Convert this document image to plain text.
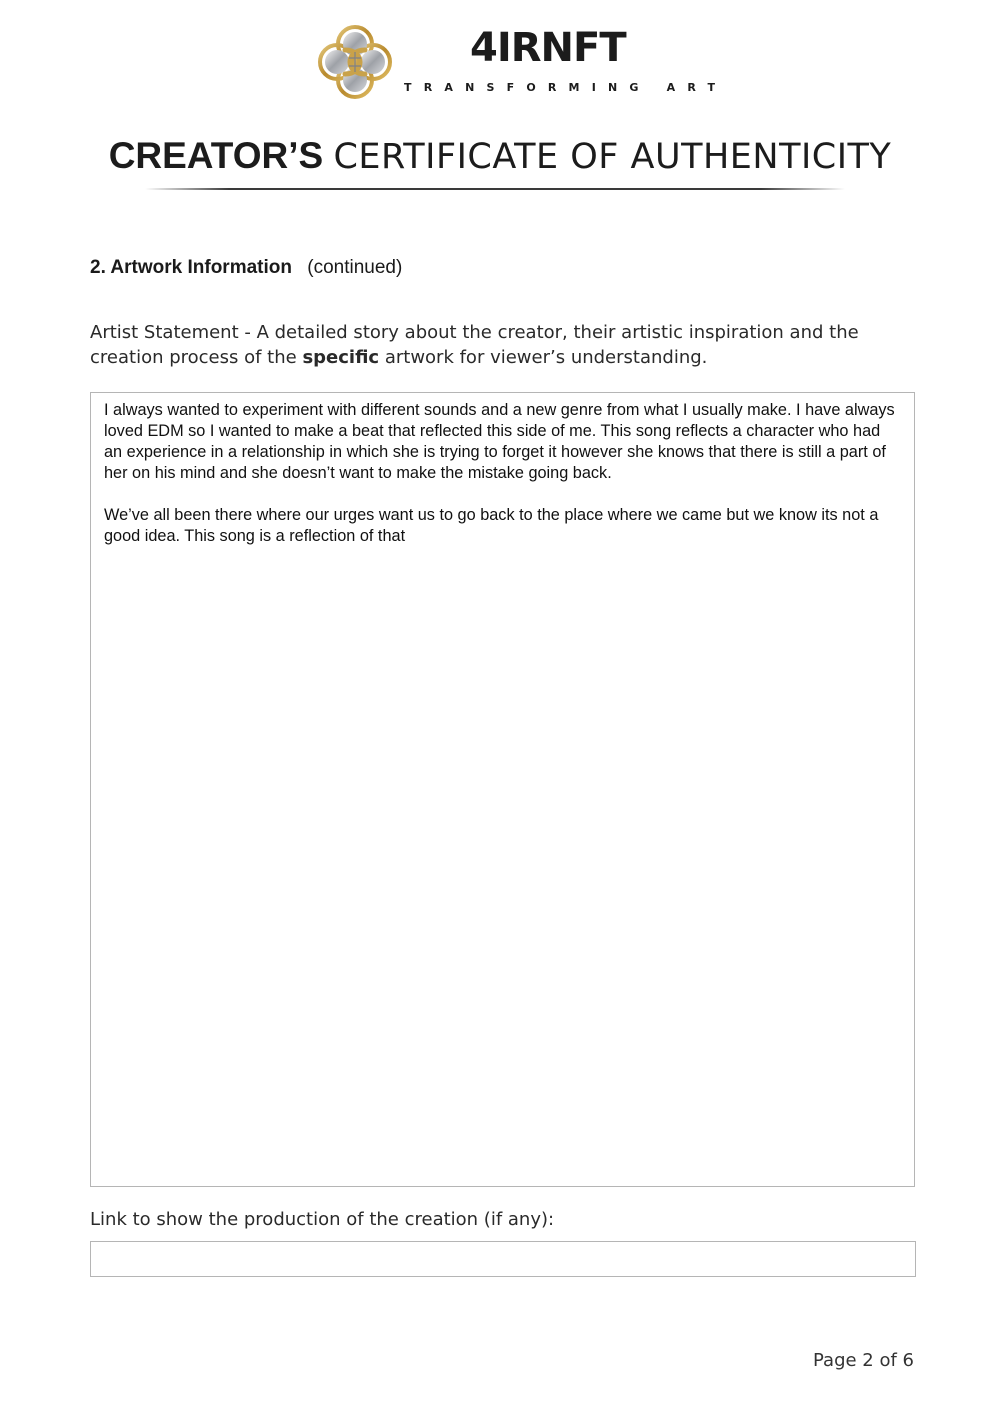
4IRNFT
TRANSFORMING ART
CREATOR’S CERTIFICATE OF AUTHENTICITY
2. Artwork Information (continued)
Artist Statement - A detailed story about the creator, their artistic inspiration and the creation process of the specific artwork for viewer’s understanding.

I always wanted to experiment with different sounds and a new genre from what I usually make. I have always loved EDM so I wanted to make a beat that reflected this side of me. This song reflects a character who had an experience in a relationship in which she is trying to forget it however she knows that there is still a part of her on his mind and she doesn’t want to make the mistake going back.

We’ve all been there where our urges want us to go back to the place where we came but we know its not a good idea. This song is a reflection of that

Link to show the production of the creation (if any):
Page 2 of 6
